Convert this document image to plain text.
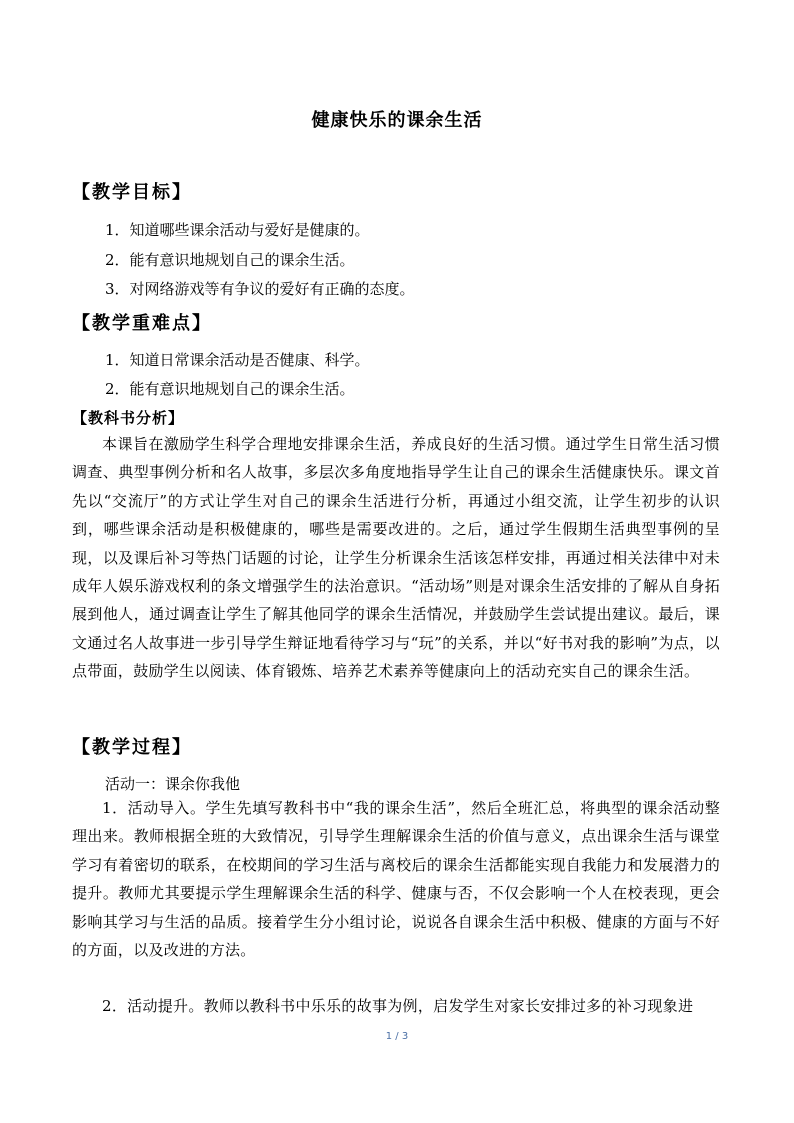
健康快乐的课余生活
【教学目标】
1．知道哪些课余活动与爱好是健康的。
2．能有意识地规划自己的课余生活。
3．对网络游戏等有争议的爱好有正确的态度。
【教学重难点】
1．知道日常课余活动是否健康、科学。
2．能有意识地规划自己的课余生活。
【教科书分析】
本课旨在激励学生科学合理地安排课余生活，养成良好的生活习惯。通过学生日常生活习惯调查、典型事例分析和名人故事，多层次多角度地指导学生让自己的课余生活健康快乐。课文首先以“交流厅”的方式让学生对自己的课余生活进行分析，再通过小组交流，让学生初步的认识到，哪些课余活动是积极健康的，哪些是需要改进的。之后，通过学生假期生活典型事例的呈现，以及课后补习等热门话题的讨论，让学生分析课余生活该怎样安排，再通过相关法律中对未成年人娱乐游戏权利的条文增强学生的法治意识。“活动场”则是对课余生活安排的了解从自身拓展到他人，通过调查让学生了解其他同学的课余生活情况，并鼓励学生尝试提出建议。最后，课文通过名人故事进一步引导学生辩证地看待学习与“玩”的关系，并以“好书对我的影响”为点，以点带面，鼓励学生以阅读、体育锻炼、培养艺术素养等健康向上的活动充实自己的课余生活。
【教学过程】
活动一：课余你我他
1．活动导入。学生先填写教科书中“我的课余生活”，然后全班汇总，将典型的课余活动整理出来。教师根据全班的大致情况，引导学生理解课余生活的价值与意义，点出课余生活与课堂学习有着密切的联系，在校期间的学习生活与离校后的课余生活都能实现自我能力和发展潜力的提升。教师尤其要提示学生理解课余生活的科学、健康与否，不仅会影响一个人在校表现，更会影响其学习与生活的品质。接着学生分小组讨论，说说各自课余生活中积极、健康的方面与不好的方面，以及改进的方法。
2．活动提升。教师以教科书中乐乐的故事为例，启发学生对家长安排过多的补习现象进
1 / 3
